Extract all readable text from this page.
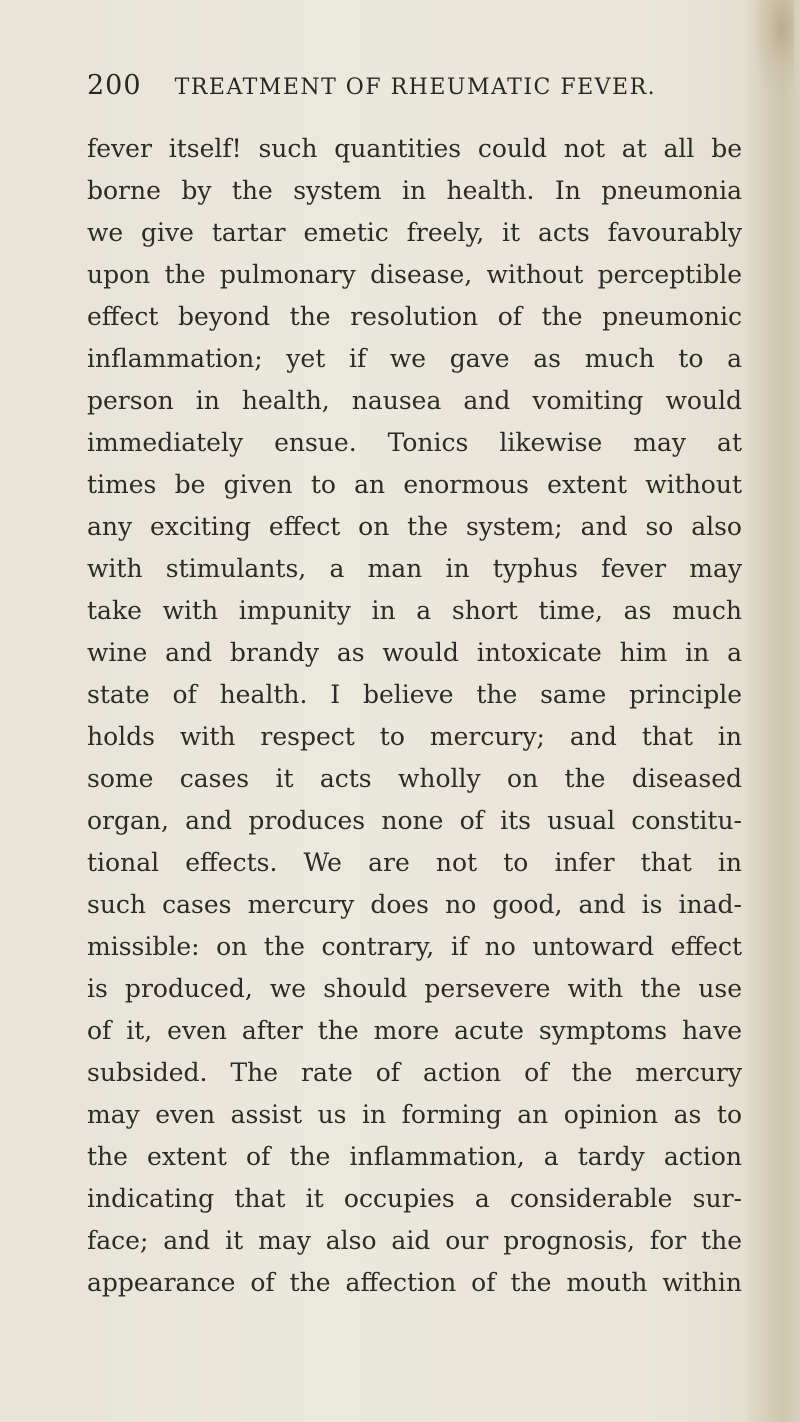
200 TREATMENT OF RHEUMATIC FEVER.
fever itself! such quantities could not at all be
borne by the system in health. In pneumonia
we give tartar emetic freely, it acts favourably
upon the pulmonary disease, without perceptible
effect beyond the resolution of the pneumonic
inflammation; yet if we gave as much to a
person in health, nausea and vomiting would
immediately ensue. Tonics likewise may at
times be given to an enormous extent without
any exciting effect on the system; and so also
with stimulants, a man in typhus fever may
take with impunity in a short time, as much
wine and brandy as would intoxicate him in a
state of health. I believe the same principle
holds with respect to mercury; and that in
some cases it acts wholly on the diseased
organ, and produces none of its usual constitu-
tional effects. We are not to infer that in
such cases mercury does no good, and is inad-
missible: on the contrary, if no untoward effect
is produced, we should persevere with the use
of it, even after the more acute symptoms have
subsided. The rate of action of the mercury
may even assist us in forming an opinion as to
the extent of the inflammation, a tardy action
indicating that it occupies a considerable sur-
face; and it may also aid our prognosis, for the
appearance of the affection of the mouth within
